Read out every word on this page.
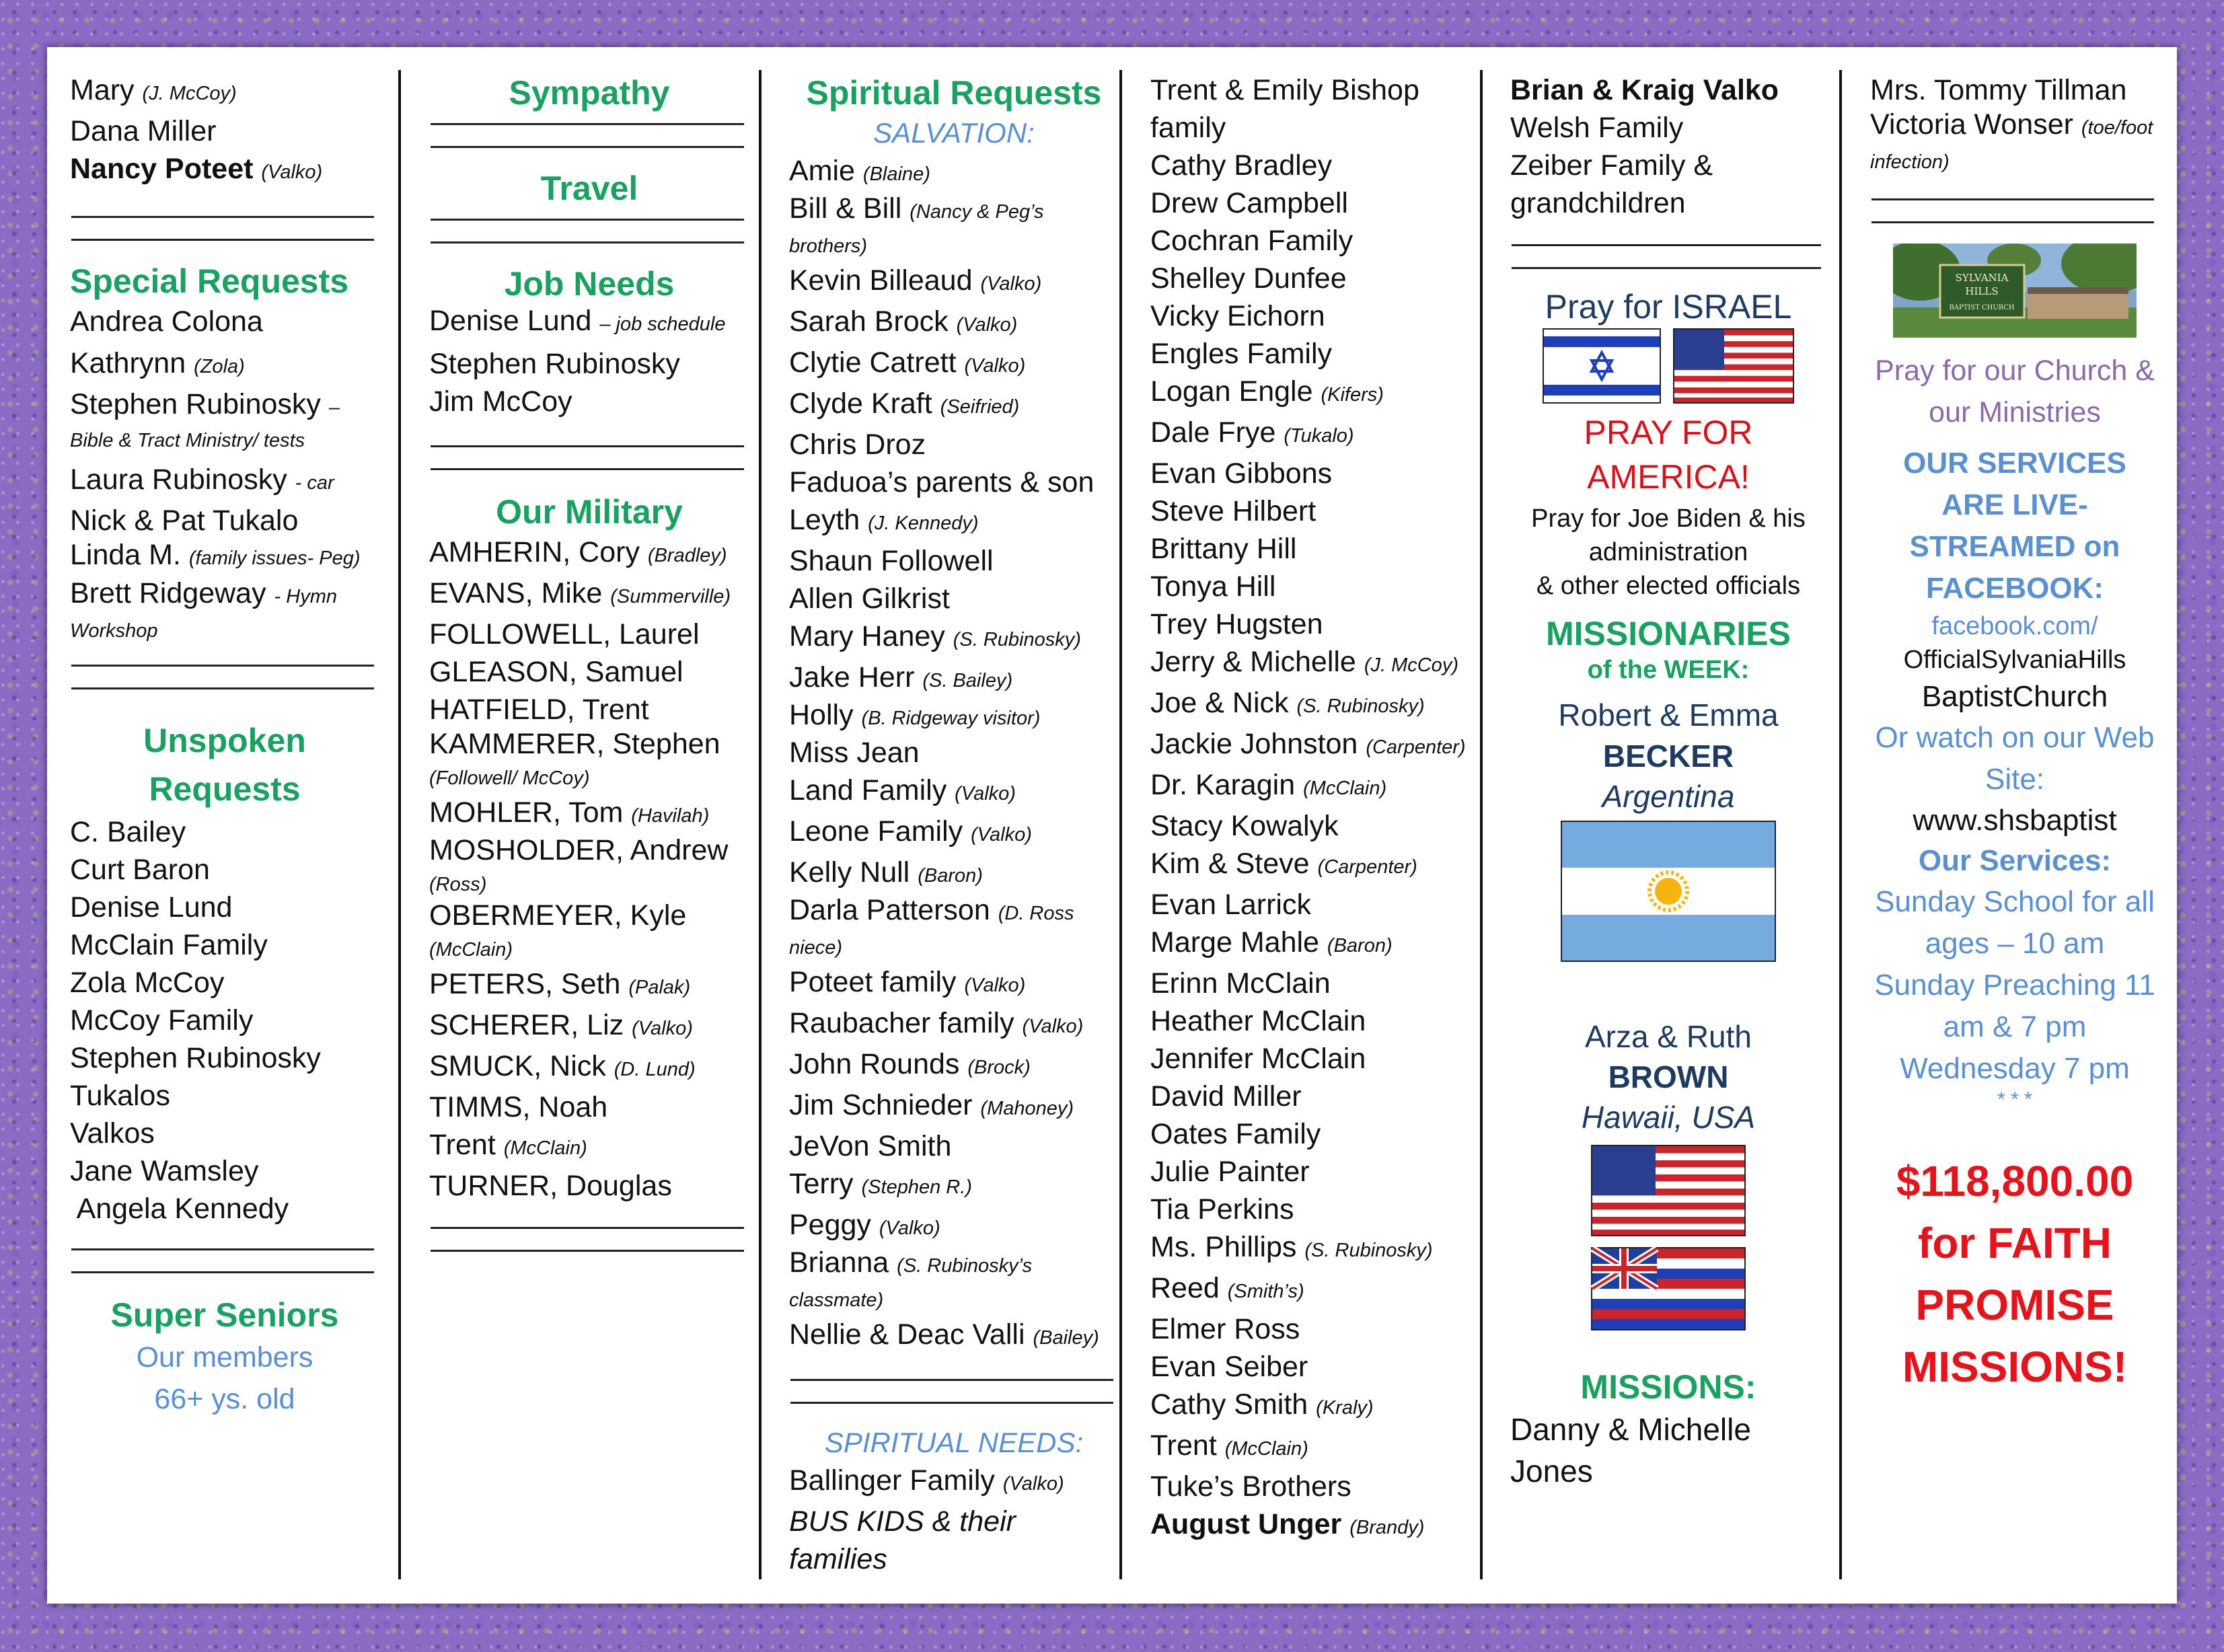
Mary (J. McCoy)
Dana Miller
Nancy Poteet (Valko)
Special Requests
Andrea Colona
Kathrynn (Zola)
Stephen Rubinosky – Bible & Tract Ministry/ tests
Laura Rubinosky - car
Nick & Pat Tukalo
Linda M. (family issues- Peg)
Brett Ridgeway - Hymn Workshop
Unspoken
Requests
C. Bailey
Curt Baron
Denise Lund
McClain Family
Zola McCoy
McCoy Family
Stephen Rubinosky
Tukalos
Valkos
Jane Wamsley
Angela Kennedy
Super Seniors
Our members
66+ ys. old
Sympathy
Travel
Job Needs
Denise Lund – job schedule
Stephen Rubinosky
Jim McCoy
Our Military
AMHERIN, Cory (Bradley)
EVANS, Mike (Summerville)
FOLLOWELL, Laurel
GLEASON, Samuel
HATFIELD, Trent
KAMMERER, Stephen
(Followell/ McCoy)
MOHLER, Tom (Havilah)
MOSHOLDER, Andrew
(Ross)
OBERMEYER, Kyle
(McClain)
PETERS, Seth (Palak)
SCHERER, Liz (Valko)
SMUCK, Nick (D. Lund)
TIMMS, Noah
Trent (McClain)
TURNER, Douglas
Spiritual Requests
SALVATION:
Amie (Blaine)
Bill & Bill (Nancy & Peg’s brothers)
Kevin Billeaud (Valko)
Sarah Brock (Valko)
Clytie Catrett (Valko)
Clyde Kraft (Seifried)
Chris Droz
Faduoa’s parents & son
Leyth (J. Kennedy)
Shaun Followell
Allen Gilkrist
Mary Haney (S. Rubinosky)
Jake Herr (S. Bailey)
Holly (B. Ridgeway visitor)
Miss Jean
Land Family (Valko)
Leone Family (Valko)
Kelly Null (Baron)
Darla Patterson (D. Ross niece)
Poteet family (Valko)
Raubacher family (Valko)
John Rounds (Brock)
Jim Schnieder (Mahoney)
JeVon Smith
Terry (Stephen R.)
Peggy (Valko)
Brianna (S. Rubinosky’s classmate)
Nellie & Deac Valli (Bailey)
SPIRITUAL NEEDS:
Ballinger Family (Valko)
BUS KIDS & their families
Trent & Emily Bishop family
Cathy Bradley
Drew Campbell
Cochran Family
Shelley Dunfee
Vicky Eichorn
Engles Family
Logan Engle (Kifers)
Dale Frye (Tukalo)
Evan Gibbons
Steve Hilbert
Brittany Hill
Tonya Hill
Trey Hugsten
Jerry & Michelle (J. McCoy)
Joe & Nick (S. Rubinosky)
Jackie Johnston (Carpenter)
Dr. Karagin (McClain)
Stacy Kowalyk
Kim & Steve (Carpenter)
Evan Larrick
Marge Mahle (Baron)
Erinn McClain
Heather McClain
Jennifer McClain
David Miller
Oates Family
Julie Painter
Tia Perkins
Ms. Phillips (S. Rubinosky)
Reed (Smith’s)
Elmer Ross
Evan Seiber
Cathy Smith (Kraly)
Trent (McClain)
Tuke’s Brothers
August Unger (Brandy)
Brian & Kraig Valko
Welsh Family
Zeiber Family & grandchildren
Pray for ISRAEL

PRAY FOR AMERICA!
Pray for Joe Biden & his administration
& other elected officials
MISSIONARIES
of the WEEK:
Robert & Emma
BECKER
Argentina
Arza & Ruth
BROWN
Hawaii, USA
MISSIONS:
Danny & Michelle Jones
Mrs. Tommy Tillman
Victoria Wonser (toe/foot infection)
SYLVANIA
HILLS
BAPTIST CHURCH
Pray for our Church & our Ministries
OUR SERVICES ARE LIVE-STREAMED on FACEBOOK:
facebook.com/
OfficialSylvaniaHills
BaptistChurch
Or watch on our Web Site:
www.shsbaptist
Our Services:
Sunday School for all ages – 10 am
Sunday Preaching 11 am & 7 pm
Wednesday 7 pm
* * *
$118,800.00
for FAITH PROMISE MISSIONS!
